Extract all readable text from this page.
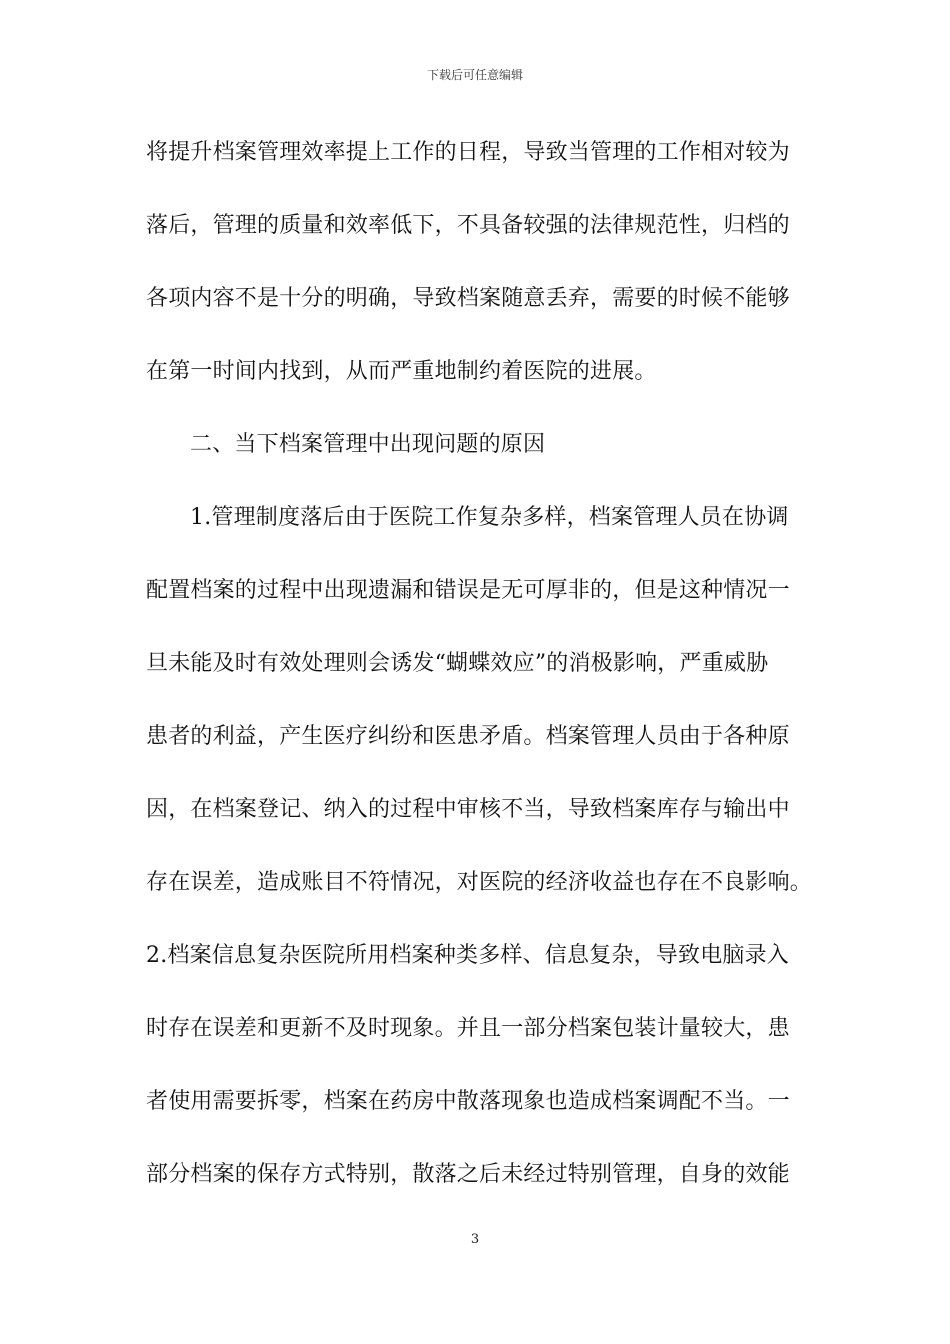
下载后可任意编辑
将提升档案管理效率提上工作的日程，导致当管理的工作相对较为
落后，管理的质量和效率低下，不具备较强的法律规范性，归档的
各项内容不是十分的明确，导致档案随意丢弃，需要的时候不能够
在第一时间内找到，从而严重地制约着医院的进展。
二、当下档案管理中出现问题的原因
1.管理制度落后由于医院工作复杂多样，档案管理人员在协调
配置档案的过程中出现遗漏和错误是无可厚非的，但是这种情况一
旦未能及时有效处理则会诱发“蝴蝶效应”的消极影响，严重威胁
患者的利益，产生医疗纠纷和医患矛盾。档案管理人员由于各种原
因，在档案登记、纳入的过程中审核不当，导致档案库存与输出中
存在误差，造成账目不符情况，对医院的经济收益也存在不良影响。
2.档案信息复杂医院所用档案种类多样、信息复杂，导致电脑录入
时存在误差和更新不及时现象。并且一部分档案包装计量较大，患
者使用需要拆零，档案在药房中散落现象也造成档案调配不当。一
部分档案的保存方式特别，散落之后未经过特别管理，自身的效能
3
